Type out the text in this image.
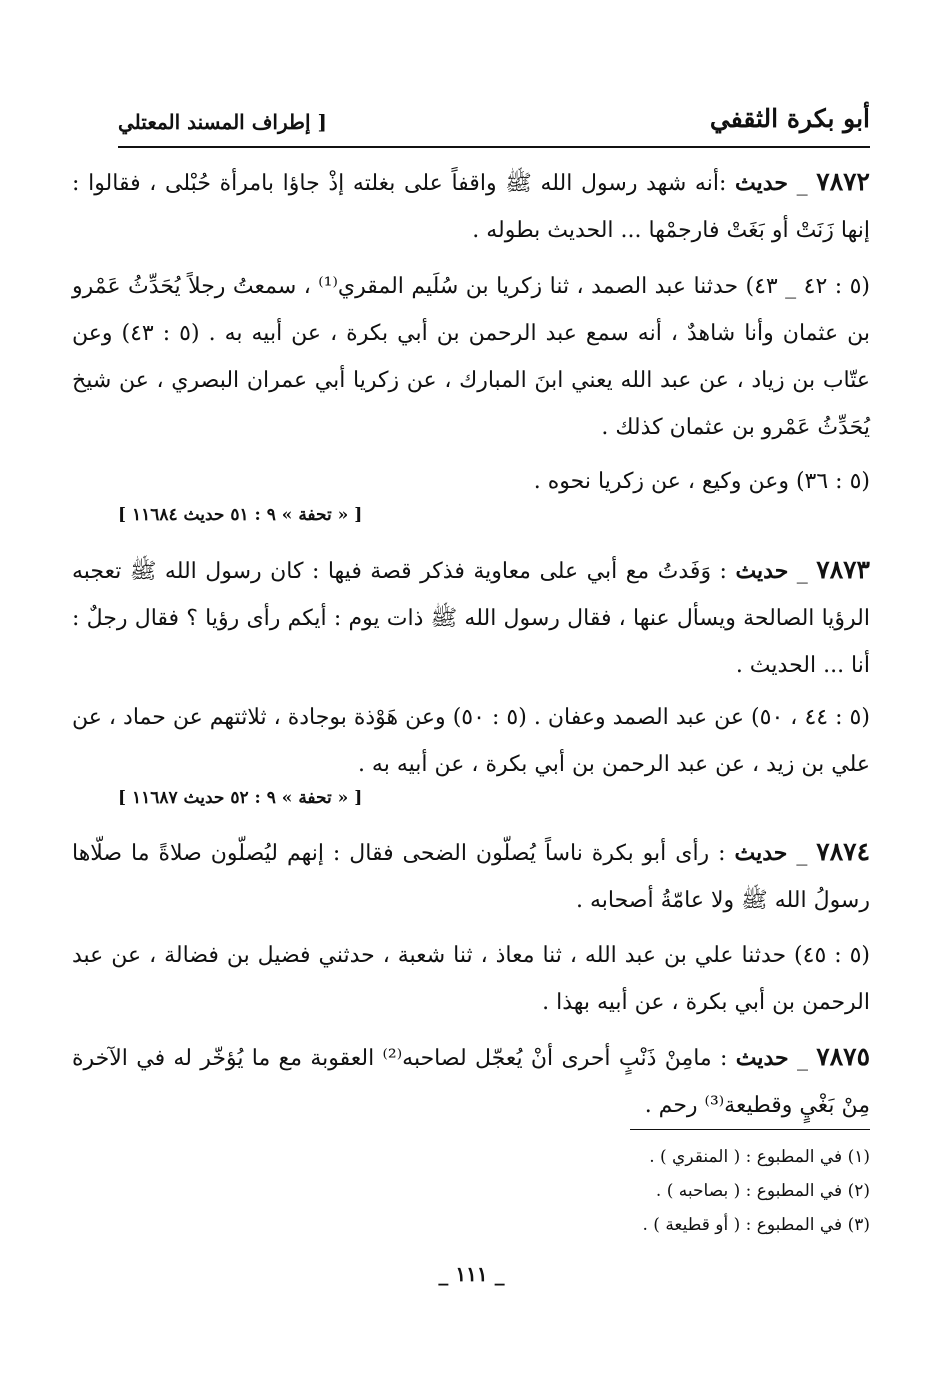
أبو بكرة الثقفي
[ إطراف المسند المعتلي

٧٨٧٢ _ حديث :أنه شهد رسول الله ﷺ واقفاً على بغلته إذْ جاؤا بامرأة حُبْلى ، فقالوا : إنها زَنَتْ أو بَغَتْ فارجمْها ... الحديث بطوله .

(٥ : ٤٢ _ ٤٣) حدثنا عبد الصمد ، ثنا زكريا بن سُلَيم المقري⁽¹⁾ ، سمعتُ رجلاً يُحَدِّثُ عَمْرو بن عثمان وأنا شاهدٌ ، أنه سمع عبد الرحمن بن أبي بكرة ، عن أبيه به . (٥ : ٤٣) وعن عتّاب بن زياد ، عن عبد الله يعني ابنَ المبارك ، عن زكريا أبي عمران البصري ، عن شيخ يُحَدِّثُ عَمْرو بن عثمان كذلك .

(٥ : ٣٦) وعن وكيع ، عن زكريا نحوه .

[ « تحفة » ٩ : ٥١ حديث ١١٦٨٤ ]

٧٨٧٣ _ حديث : وَفَدتُ مع أبي على معاوية فذكر قصة فيها : كان رسول الله ﷺ تعجبه الرؤيا الصالحة ويسأل عنها ، فقال رسول الله ﷺ ذات يوم : أيكم رأى رؤيا ؟ فقال رجلٌ : أنا ... الحديث .

(٥ : ٤٤ ، ٥٠) عن عبد الصمد وعفان . (٥ : ٥٠) وعن هَوْذة بوجادة ، ثلاثتهم عن حماد ، عن علي بن زيد ، عن عبد الرحمن بن أبي بكرة ، عن أبيه به .

[ « تحفة » ٩ : ٥٢ حديث ١١٦٨٧ ]

٧٨٧٤ _ حديث : رأى أبو بكرة ناساً يُصلّون الضحى فقال : إنهم ليُصلّون صلاةً ما صلّاها رسولُ الله ﷺ ولا عامّةُ أصحابه .

(٥ : ٤٥) حدثنا علي بن عبد الله ، ثنا معاذ ، ثنا شعبة ، حدثني فضيل بن فضالة ، عن عبد الرحمن بن أبي بكرة ، عن أبيه بهذا .

٧٨٧٥ _ حديث : مامِنْ ذَنْبٍ أحرى أنْ يُعجّل لصاحبه⁽²⁾ العقوبة مع ما يُؤخّر له في الآخرة مِنْ بَغْيٍ وقطيعة⁽³⁾ رحم .

(١) في المطبوع : ( المنقري ) .
(٢) في المطبوع : ( بصاحبه ) .
(٣) في المطبوع : ( أو قطيعة ) .
_ ١١١ _
